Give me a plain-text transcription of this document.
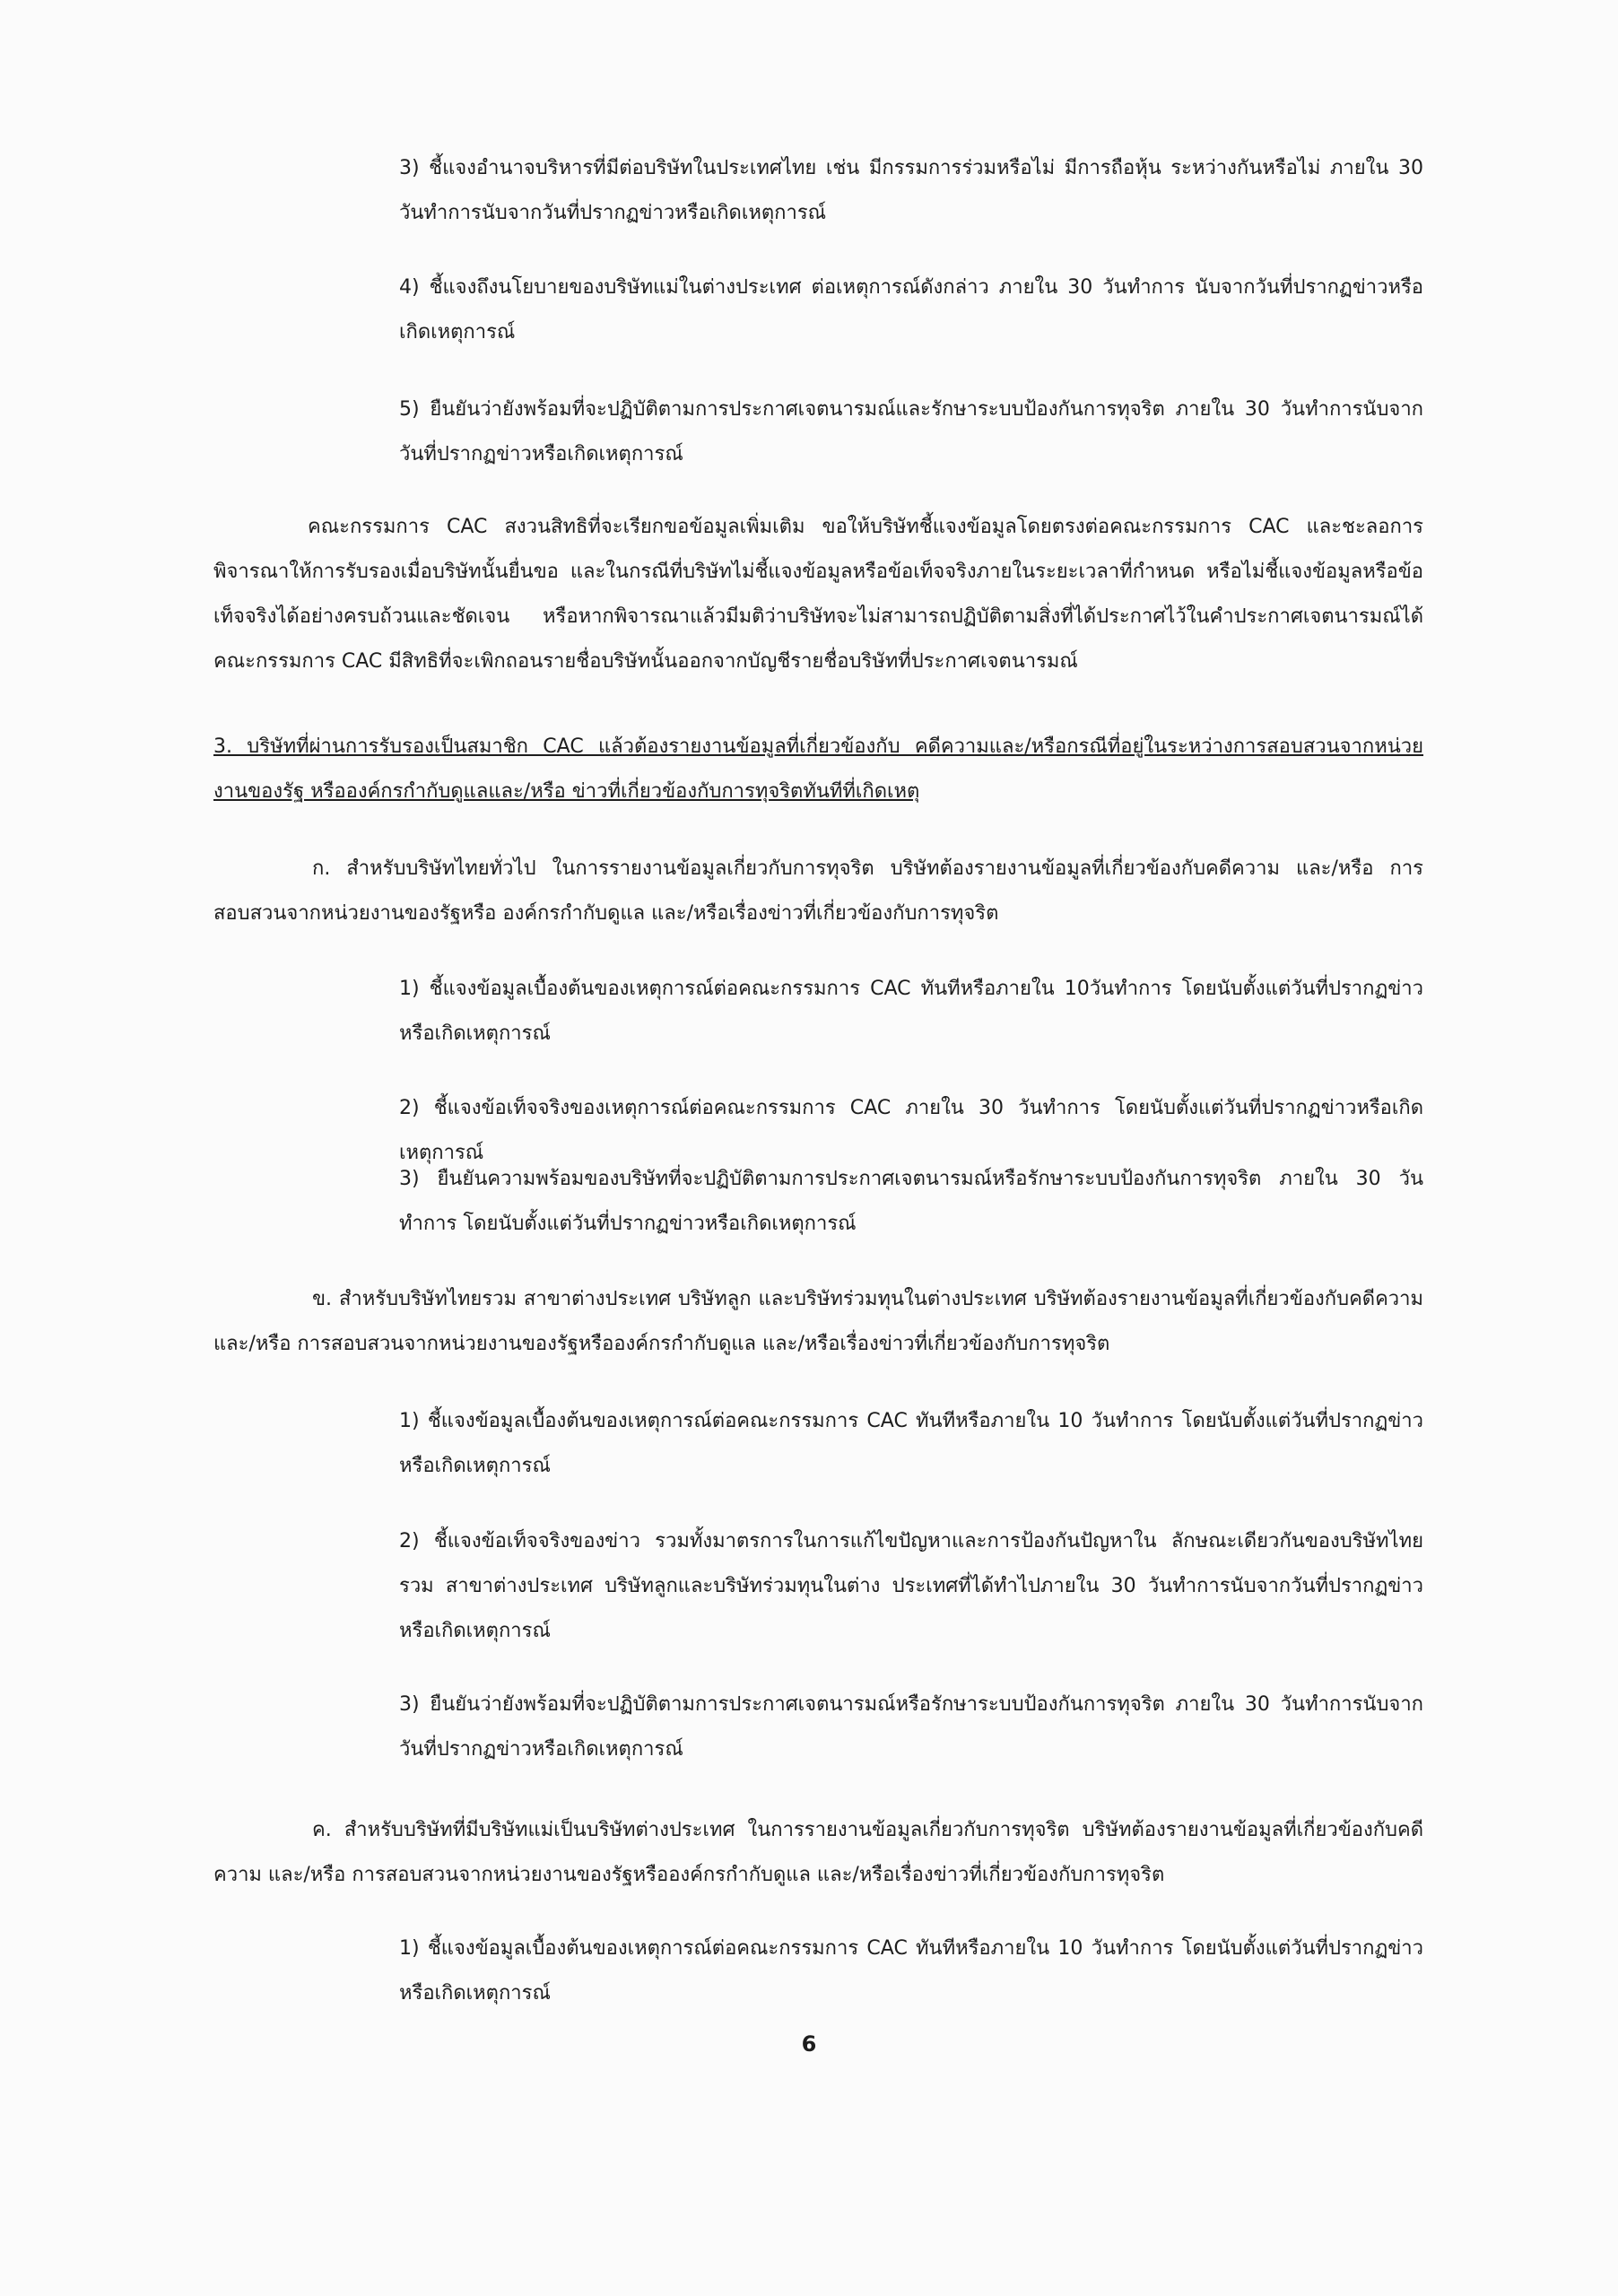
3) ชี้แจงอำนาจบริหารที่มีต่อบริษัทในประเทศไทย เช่น มีกรรมการร่วมหรือไม่ มีการถือหุ้น ระหว่างกันหรือไม่ ภายใน 30 วันทำการนับจากวันที่ปรากฏข่าวหรือเกิดเหตุการณ์

4) ชี้แจงถึงนโยบายของบริษัทแม่ในต่างประเทศ ต่อเหตุการณ์ดังกล่าว ภายใน 30 วันทำการ นับจากวันที่ปรากฏข่าวหรือเกิดเหตุการณ์

5) ยืนยันว่ายังพร้อมที่จะปฏิบัติตามการประกาศเจตนารมณ์และรักษาระบบป้องกันการทุจริต ภายใน 30 วันทำการนับจากวันที่ปรากฏข่าวหรือเกิดเหตุการณ์

คณะกรรมการ CAC สงวนสิทธิที่จะเรียกขอข้อมูลเพิ่มเติม ขอให้บริษัทชี้แจงข้อมูลโดยตรงต่อคณะกรรมการ CAC และชะลอการพิจารณาให้การรับรองเมื่อบริษัทนั้นยื่นขอ และในกรณีที่บริษัทไม่ชี้แจงข้อมูลหรือข้อเท็จจริงภายในระยะเวลาที่กำหนด หรือไม่ชี้แจงข้อมูลหรือข้อเท็จจริงได้อย่างครบถ้วนและชัดเจน หรือหากพิจารณาแล้วมีมติว่าบริษัทจะไม่สามารถปฏิบัติตามสิ่งที่ได้ประกาศไว้ในคำประกาศเจตนารมณ์ได้ คณะกรรมการ CAC มีสิทธิที่จะเพิกถอนรายชื่อบริษัทนั้นออกจากบัญชีรายชื่อบริษัทที่ประกาศเจตนารมณ์

3. บริษัทที่ผ่านการรับรองเป็นสมาชิก CAC แล้วต้องรายงานข้อมูลที่เกี่ยวข้องกับ คดีความและ/หรือกรณีที่อยู่ในระหว่างการสอบสวนจากหน่วยงานของรัฐ หรือองค์กรกำกับดูแลและ/หรือ ข่าวที่เกี่ยวข้องกับการทุจริตทันทีที่เกิดเหตุ

ก. สำหรับบริษัทไทยทั่วไป ในการรายงานข้อมูลเกี่ยวกับการทุจริต บริษัทต้องรายงานข้อมูลที่เกี่ยวข้องกับคดีความ และ/หรือ การสอบสวนจากหน่วยงานของรัฐหรือ องค์กรกำกับดูแล และ/หรือเรื่องข่าวที่เกี่ยวข้องกับการทุจริต

1) ชี้แจงข้อมูลเบื้องต้นของเหตุการณ์ต่อคณะกรรมการ CAC ทันทีหรือภายใน 10วันทำการ โดยนับตั้งแต่วันที่ปรากฏข่าวหรือเกิดเหตุการณ์

2) ชี้แจงข้อเท็จจริงของเหตุการณ์ต่อคณะกรรมการ CAC ภายใน 30 วันทำการ โดยนับตั้งแต่วันที่ปรากฏข่าวหรือเกิดเหตุการณ์

3) ยืนยันความพร้อมของบริษัทที่จะปฏิบัติตามการประกาศเจตนารมณ์หรือรักษาระบบป้องกันการทุจริต ภายใน 30 วันทำการ โดยนับตั้งแต่วันที่ปรากฏข่าวหรือเกิดเหตุการณ์

ข. สำหรับบริษัทไทยรวม สาขาต่างประเทศ บริษัทลูก และบริษัทร่วมทุนในต่างประเทศ บริษัทต้องรายงานข้อมูลที่เกี่ยวข้องกับคดีความ และ/หรือ การสอบสวนจากหน่วยงานของรัฐหรือองค์กรกำกับดูแล และ/หรือเรื่องข่าวที่เกี่ยวข้องกับการทุจริต

1) ชี้แจงข้อมูลเบื้องต้นของเหตุการณ์ต่อคณะกรรมการ CAC ทันทีหรือภายใน 10 วันทำการ โดยนับตั้งแต่วันที่ปรากฏข่าวหรือเกิดเหตุการณ์

2) ชี้แจงข้อเท็จจริงของข่าว รวมทั้งมาตรการในการแก้ไขปัญหาและการป้องกันปัญหาใน ลักษณะเดียวกันของบริษัทไทยรวม สาขาต่างประเทศ บริษัทลูกและบริษัทร่วมทุนในต่าง ประเทศที่ได้ทำไปภายใน 30 วันทำการนับจากวันที่ปรากฏข่าวหรือเกิดเหตุการณ์

3) ยืนยันว่ายังพร้อมที่จะปฏิบัติตามการประกาศเจตนารมณ์หรือรักษาระบบป้องกันการทุจริต ภายใน 30 วันทำการนับจากวันที่ปรากฏข่าวหรือเกิดเหตุการณ์

ค. สำหรับบริษัทที่มีบริษัทแม่เป็นบริษัทต่างประเทศ ในการรายงานข้อมูลเกี่ยวกับการทุจริต บริษัทต้องรายงานข้อมูลที่เกี่ยวข้องกับคดีความ และ/หรือ การสอบสวนจากหน่วยงานของรัฐหรือองค์กรกำกับดูแล และ/หรือเรื่องข่าวที่เกี่ยวข้องกับการทุจริต

1) ชี้แจงข้อมูลเบื้องต้นของเหตุการณ์ต่อคณะกรรมการ CAC ทันทีหรือภายใน 10 วันทำการ โดยนับตั้งแต่วันที่ปรากฏข่าวหรือเกิดเหตุการณ์

6
